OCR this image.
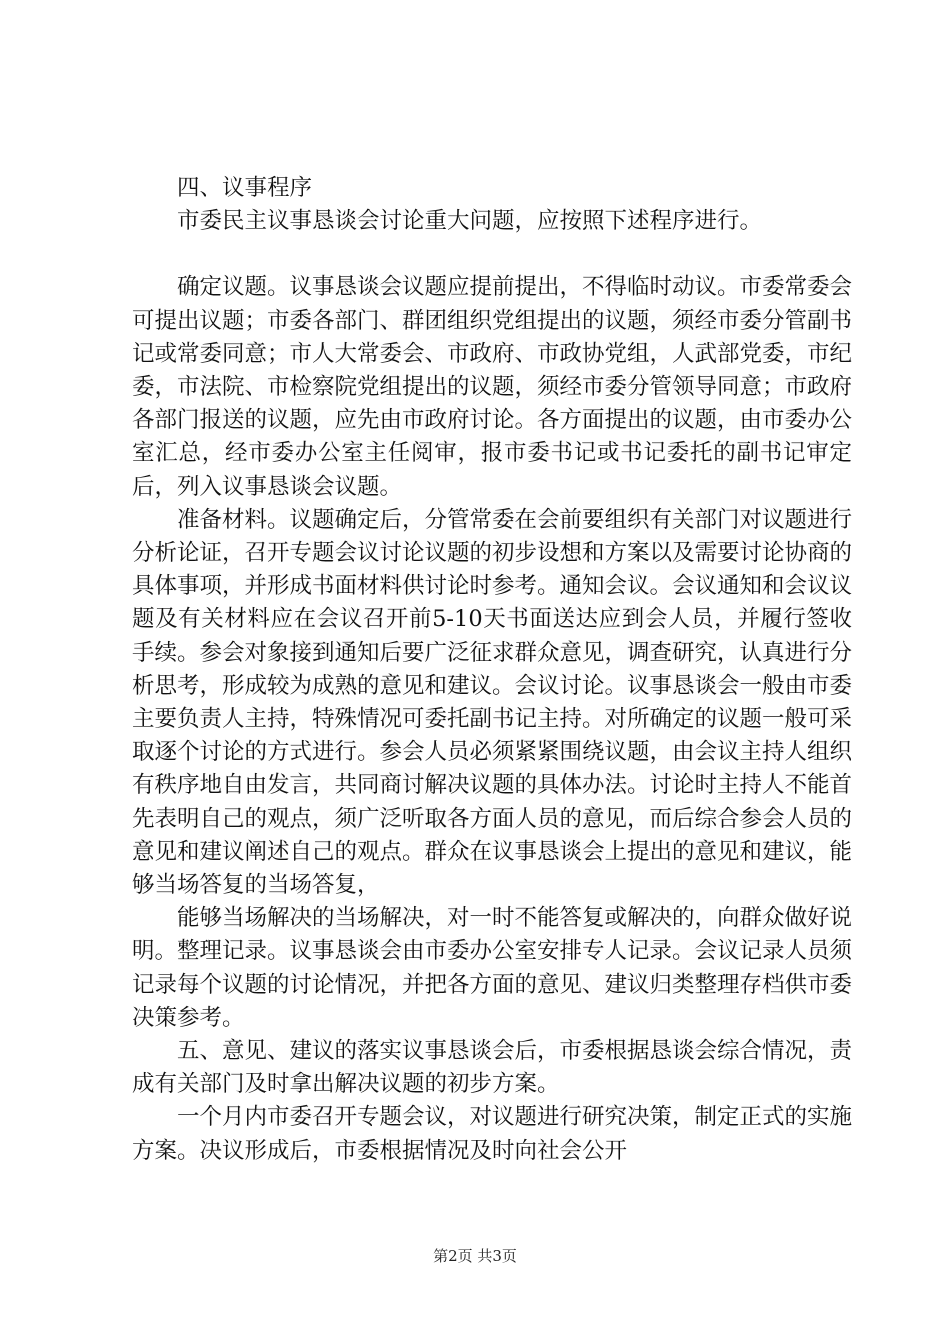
四、议事程序

市委民主议事恳谈会讨论重大问题，应按照下述程序进行。

确定议题。议事恳谈会议题应提前提出，不得临时动议。市委常委会可提出议题；市委各部门、群团组织党组提出的议题，须经市委分管副书记或常委同意；市人大常委会、市政府、市政协党组，人武部党委，市纪委，市法院、市检察院党组提出的议题，须经市委分管领导同意；市政府各部门报送的议题，应先由市政府讨论。各方面提出的议题，由市委办公室汇总，经市委办公室主任阅审，报市委书记或书记委托的副书记审定后，列入议事恳谈会议题。

准备材料。议题确定后，分管常委在会前要组织有关部门对议题进行分析论证，召开专题会议讨论议题的初步设想和方案以及需要讨论协商的具体事项，并形成书面材料供讨论时参考。通知会议。会议通知和会议议题及有关材料应在会议召开前5-10天书面送达应到会人员，并履行签收手续。参会对象接到通知后要广泛征求群众意见，调查研究，认真进行分析思考，形成较为成熟的意见和建议。会议讨论。议事恳谈会一般由市委主要负责人主持，特殊情况可委托副书记主持。对所确定的议题一般可采取逐个讨论的方式进行。参会人员必须紧紧围绕议题，由会议主持人组织有秩序地自由发言，共同商讨解决议题的具体办法。讨论时主持人不能首先表明自己的观点，须广泛听取各方面人员的意见，而后综合参会人员的意见和建议阐述自己的观点。群众在议事恳谈会上提出的意见和建议，能够当场答复的当场答复，

能够当场解决的当场解决，对一时不能答复或解决的，向群众做好说明。整理记录。议事恳谈会由市委办公室安排专人记录。会议记录人员须记录每个议题的讨论情况，并把各方面的意见、建议归类整理存档供市委决策参考。

五、意见、建议的落实议事恳谈会后，市委根据恳谈会综合情况，责成有关部门及时拿出解决议题的初步方案。

一个月内市委召开专题会议，对议题进行研究决策，制定正式的实施方案。决议形成后，市委根据情况及时向社会公开

第2页 共3页
